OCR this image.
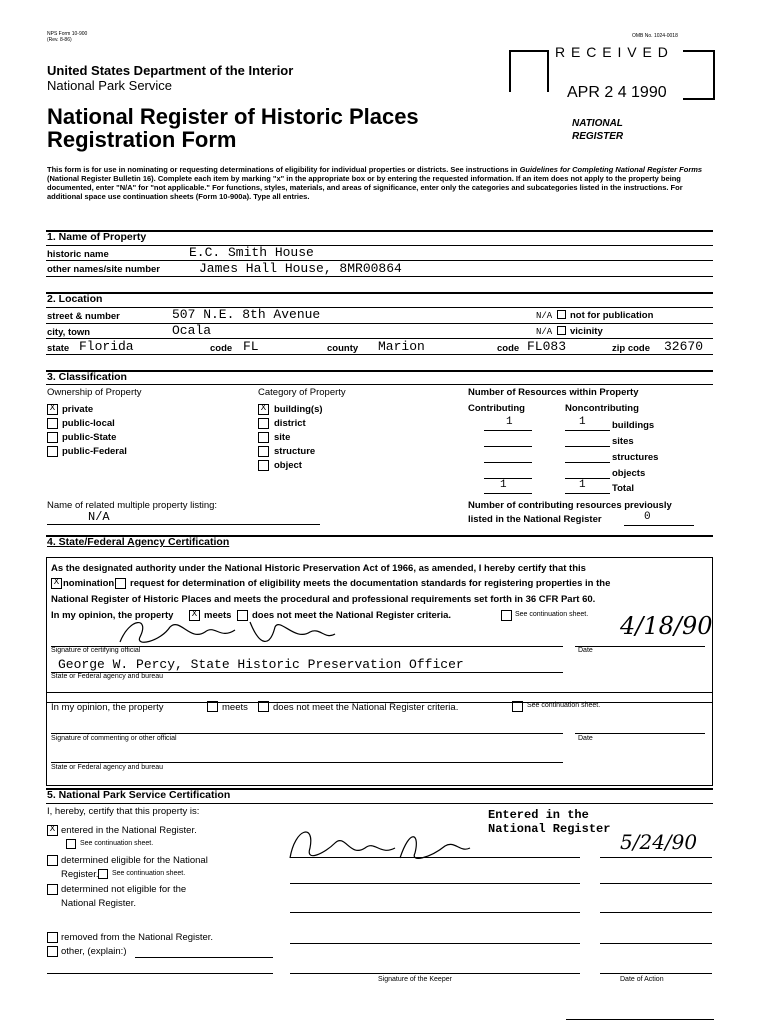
NPS Form 10-900
(Rev. 8-86)
OMB No. 1024-0018
United States Department of the Interior
National Park Service
National Register of Historic Places
Registration Form
R E C E I V E D
APR 2 4 1990
NATIONAL
REGISTER
This form is for use in nominating or requesting determinations of eligibility for individual properties or districts. See instructions in Guidelines for Completing National Register Forms (National Register Bulletin 16). Complete each item by marking "x" in the appropriate box or by entering the requested information. If an item does not apply to the property being documented, enter "N/A" for "not applicable." For functions, styles, materials, and areas of significance, enter only the categories and subcategories listed in the instructions. For additional space use continuation sheets (Form 10-900a). Type all entries.
1. Name of Property
historic name	E.C. Smith House
other names/site number	James Hall House, 8MR00864
2. Location
street & number	507 N.E. 8th Avenue	N/A not for publication
city, town	Ocala	N/A vicinity
state Florida	code FL	county Marion	code FL083	zip code 32670
3. Classification
Ownership of Property
X private
public-local
public-State
public-Federal
Category of Property
X building(s)
district
site
structure
object
Number of Resources within Property
Contributing	Noncontributing
1	1	buildings
sites
structures
objects
1	1	Total
Name of related multiple property listing:
N/A
Number of contributing resources previously
listed in the National Register	0
4. State/Federal Agency Certification
As the designated authority under the National Historic Preservation Act of 1966, as amended, I hereby certify that this
X nomination request for determination of eligibility meets the documentation standards for registering properties in the
National Register of Historic Places and meets the procedural and professional requirements set forth in 36 CFR Part 60.
In my opinion, the property	X meets does not meet the National Register criteria.	See continuation sheet.
Signature of certifying official	Date
4/18/90
George W. Percy, State Historic Preservation Officer
State or Federal agency and bureau
In my opinion, the property	meets	does not meet the National Register criteria.	See continuation sheet.
Signature of commenting or other official	Date
State or Federal agency and bureau
5. National Park Service Certification
I, hereby, certify that this property is:
X entered in the National Register.
See continuation sheet.
determined eligible for the National
Register. See continuation sheet.
determined not eligible for the
National Register.
removed from the National Register.
other, (explain:)
Entered in the
National Register
5/24/90
Signature of the Keeper	Date of Action
